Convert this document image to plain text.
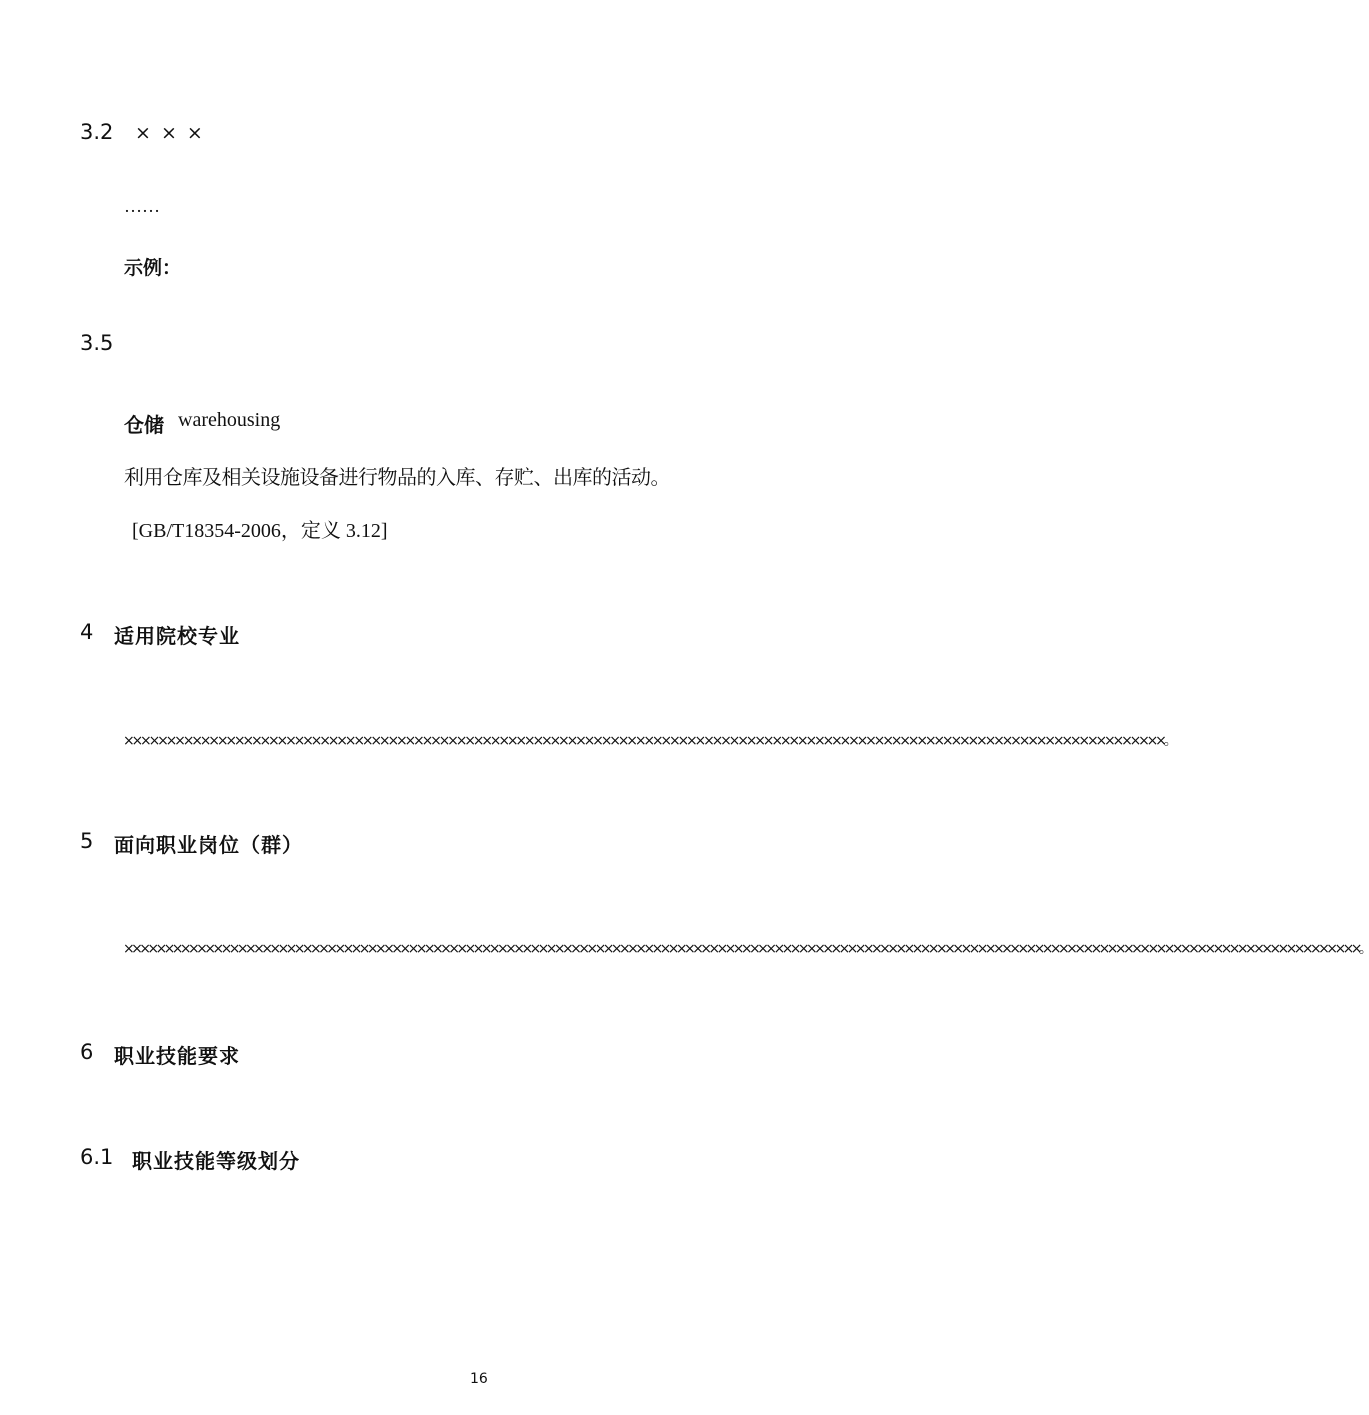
3.2 × × ×
……
示例：
3.5
仓储 warehousing
利用仓库及相关设施设备进行物品的入库、存贮、出库的活动。
[GB/T18354-2006，定义 3.12]
4 适用院校专业
××××××××××××××××××××××××××××××××××××××××××××××××××××××××××××××××××××××××××××××××××××××××××××××××××××××××××××××××××××××××××。
5 面向职业岗位（群）
××××××××××××××××××××××××××××××××××××××××××××××××××××××××××××××××××××××××××××××××××××××××××××××××××××××××××××××××××××××××××××××××××××××××××××××××××××××××。
6 职业技能要求
6.1 职业技能等级划分
16
